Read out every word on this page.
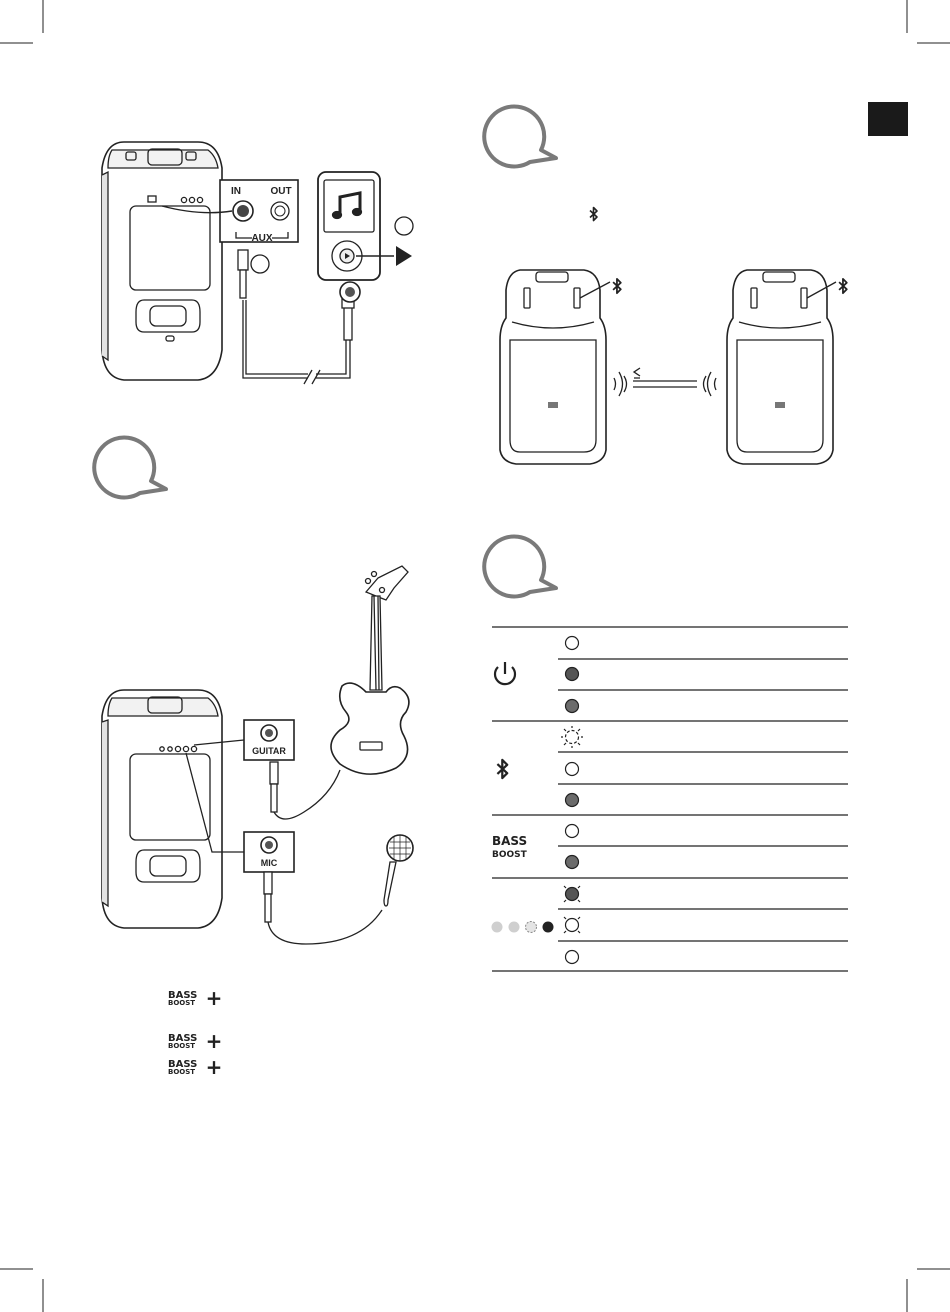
IN	OUT
AUX
GUITAR
MIC
BASS
BOOST
BASS
BOOST +
BASS
BOOST +
BASS
BOOST +
